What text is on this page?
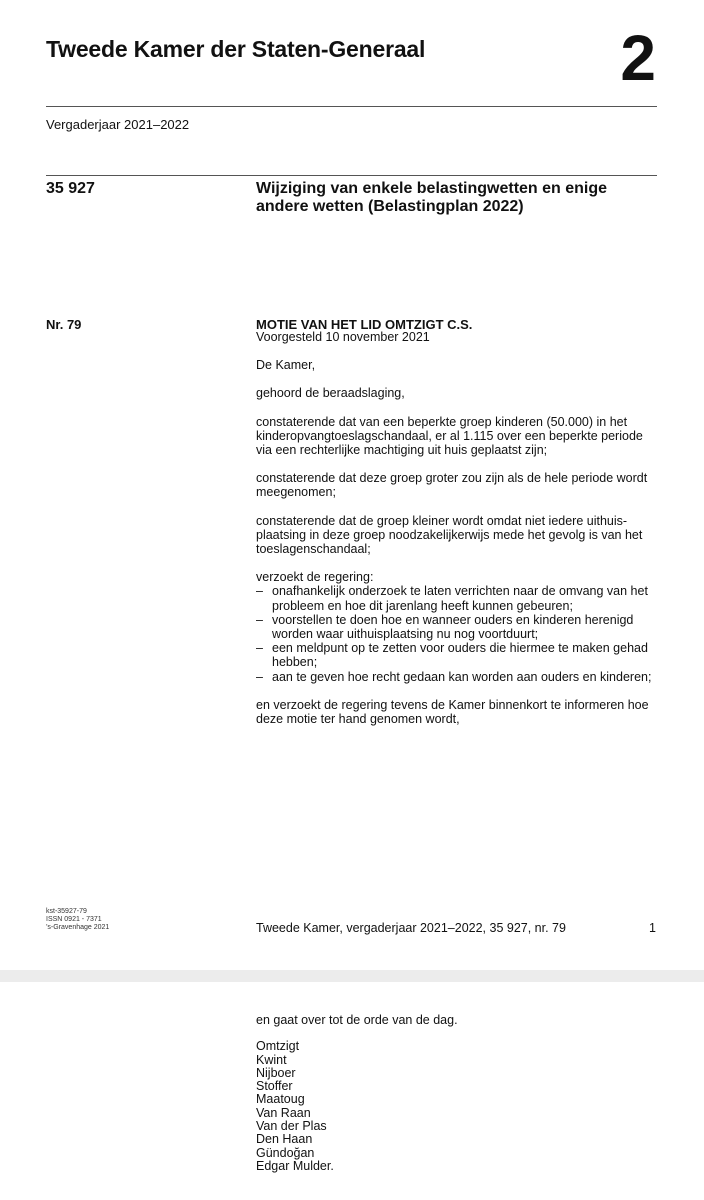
Tweede Kamer der Staten-Generaal	2
Vergaderjaar 2021–2022
35 927	Wijziging van enkele belastingwetten en enige andere wetten (Belastingplan 2022)
Nr. 79	MOTIE VAN HET LID OMTZIGT C.S.

Voorgesteld 10 november 2021

De Kamer,

gehoord de beraadslaging,

constaterende dat van een beperkte groep kinderen (50.000) in het kinderopvangtoeslagschandaal, er al 1.115 over een beperkte periode via een rechterlijke machtiging uit huis geplaatst zijn;

constaterende dat deze groep groter zou zijn als de hele periode wordt meegenomen;

constaterende dat de groep kleiner wordt omdat niet iedere uithuis-plaatsing in deze groep noodzakelijkerwijs mede het gevolg is van het toeslagenschandaal;

verzoekt de regering:

– onafhankelijk onderzoek te laten verrichten naar de omvang van het probleem en hoe dit jarenlang heeft kunnen gebeuren;
– voorstellen te doen hoe en wanneer ouders en kinderen herenigd worden waar uithuisplaatsing nu nog voortduurt;
– een meldpunt op te zetten voor ouders die hiermee te maken gehad hebben;
– aan te geven hoe recht gedaan kan worden aan ouders en kinderen;

en verzoekt de regering tevens de Kamer binnenkort te informeren hoe deze motie ter hand genomen wordt,

kst-35927-79
ISSN 0921 - 7371
’s-Gravenhage 2021	Tweede Kamer, vergaderjaar 2021–2022, 35 927, nr. 79	1

en gaat over tot de orde van de dag.

Omtzigt
Kwint
Nijboer
Stoffer
Maatoug
Van Raan
Van der Plas
Den Haan
Gündoğan
Edgar Mulder.
